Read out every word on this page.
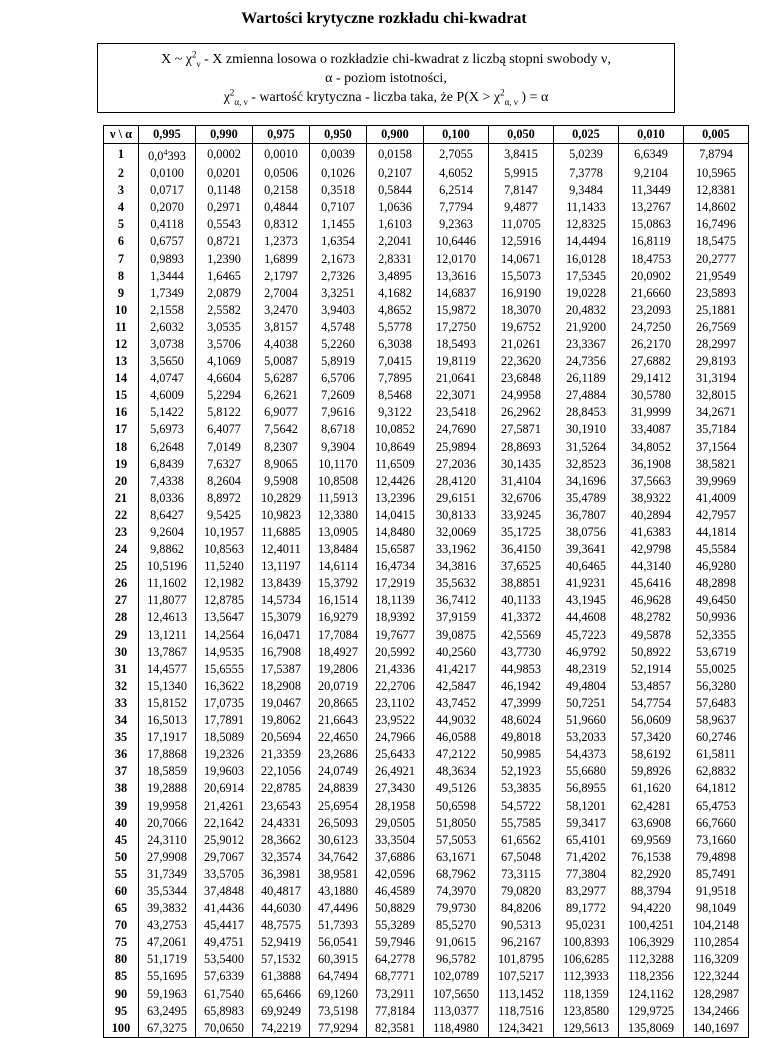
Wartości krytyczne rozkładu chi-kwadrat
X ~ $\chi^2_\nu$ - X zmienna losowa o rozkładzie chi-kwadrat z liczbą stopni swobody ν,
α - poziom istotności,
$\chi^2_{\alpha, \nu}$ - wartość krytyczna - liczba taka, że $P(X > \chi^2_{\alpha, \nu}$ ) = α
ν \ α	0,995	0,990	0,975	0,950	0,900	0,100	0,050	0,025	0,010	0,005
1	$0,0^4393$	0,0002	0,0010	0,0039	0,0158	2,7055	3,8415	5,0239	6,6349	7,8794
2	0,0100	0,0201	0,0506	0,1026	0,2107	4,6052	5,9915	7,3778	9,2104	10,5965
3	0,0717	0,1148	0,2158	0,3518	0,5844	6,2514	7,8147	9,3484	11,3449	12,8381
4	0,2070	0,2971	0,4844	0,7107	1,0636	7,7794	9,4877	11,1433	13,2767	14,8602
5	0,4118	0,5543	0,8312	1,1455	1,6103	9,2363	11,0705	12,8325	15,0863	16,7496
6	0,6757	0,8721	1,2373	1,6354	2,2041	10,6446	12,5916	14,4494	16,8119	18,5475
7	0,9893	1,2390	1,6899	2,1673	2,8331	12,0170	14,0671	16,0128	18,4753	20,2777
8	1,3444	1,6465	2,1797	2,7326	3,4895	13,3616	15,5073	17,5345	20,0902	21,9549
9	1,7349	2,0879	2,7004	3,3251	4,1682	14,6837	16,9190	19,0228	21,6660	23,5893
10	2,1558	2,5582	3,2470	3,9403	4,8652	15,9872	18,3070	20,4832	23,2093	25,1881
11	2,6032	3,0535	3,8157	4,5748	5,5778	17,2750	19,6752	21,9200	24,7250	26,7569
12	3,0738	3,5706	4,4038	5,2260	6,3038	18,5493	21,0261	23,3367	26,2170	28,2997
13	3,5650	4,1069	5,0087	5,8919	7,0415	19,8119	22,3620	24,7356	27,6882	29,8193
14	4,0747	4,6604	5,6287	6,5706	7,7895	21,0641	23,6848	26,1189	29,1412	31,3194
15	4,6009	5,2294	6,2621	7,2609	8,5468	22,3071	24,9958	27,4884	30,5780	32,8015
16	5,1422	5,8122	6,9077	7,9616	9,3122	23,5418	26,2962	28,8453	31,9999	34,2671
17	5,6973	6,4077	7,5642	8,6718	10,0852	24,7690	27,5871	30,1910	33,4087	35,7184
18	6,2648	7,0149	8,2307	9,3904	10,8649	25,9894	28,8693	31,5264	34,8052	37,1564
19	6,8439	7,6327	8,9065	10,1170	11,6509	27,2036	30,1435	32,8523	36,1908	38,5821
20	7,4338	8,2604	9,5908	10,8508	12,4426	28,4120	31,4104	34,1696	37,5663	39,9969
21	8,0336	8,8972	10,2829	11,5913	13,2396	29,6151	32,6706	35,4789	38,9322	41,4009
22	8,6427	9,5425	10,9823	12,3380	14,0415	30,8133	33,9245	36,7807	40,2894	42,7957
23	9,2604	10,1957	11,6885	13,0905	14,8480	32,0069	35,1725	38,0756	41,6383	44,1814
24	9,8862	10,8563	12,4011	13,8484	15,6587	33,1962	36,4150	39,3641	42,9798	45,5584
25	10,5196	11,5240	13,1197	14,6114	16,4734	34,3816	37,6525	40,6465	44,3140	46,9280
26	11,1602	12,1982	13,8439	15,3792	17,2919	35,5632	38,8851	41,9231	45,6416	48,2898
27	11,8077	12,8785	14,5734	16,1514	18,1139	36,7412	40,1133	43,1945	46,9628	49,6450
28	12,4613	13,5647	15,3079	16,9279	18,9392	37,9159	41,3372	44,4608	48,2782	50,9936
29	13,1211	14,2564	16,0471	17,7084	19,7677	39,0875	42,5569	45,7223	49,5878	52,3355
30	13,7867	14,9535	16,7908	18,4927	20,5992	40,2560	43,7730	46,9792	50,8922	53,6719
31	14,4577	15,6555	17,5387	19,2806	21,4336	41,4217	44,9853	48,2319	52,1914	55,0025
32	15,1340	16,3622	18,2908	20,0719	22,2706	42,5847	46,1942	49,4804	53,4857	56,3280
33	15,8152	17,0735	19,0467	20,8665	23,1102	43,7452	47,3999	50,7251	54,7754	57,6483
34	16,5013	17,7891	19,8062	21,6643	23,9522	44,9032	48,6024	51,9660	56,0609	58,9637
35	17,1917	18,5089	20,5694	22,4650	24,7966	46,0588	49,8018	53,2033	57,3420	60,2746
36	17,8868	19,2326	21,3359	23,2686	25,6433	47,2122	50,9985	54,4373	58,6192	61,5811
37	18,5859	19,9603	22,1056	24,0749	26,4921	48,3634	52,1923	55,6680	59,8926	62,8832
38	19,2888	20,6914	22,8785	24,8839	27,3430	49,5126	53,3835	56,8955	61,1620	64,1812
39	19,9958	21,4261	23,6543	25,6954	28,1958	50,6598	54,5722	58,1201	62,4281	65,4753
40	20,7066	22,1642	24,4331	26,5093	29,0505	51,8050	55,7585	59,3417	63,6908	66,7660
45	24,3110	25,9012	28,3662	30,6123	33,3504	57,5053	61,6562	65,4101	69,9569	73,1660
50	27,9908	29,7067	32,3574	34,7642	37,6886	63,1671	67,5048	71,4202	76,1538	79,4898
55	31,7349	33,5705	36,3981	38,9581	42,0596	68,7962	73,3115	77,3804	82,2920	85,7491
60	35,5344	37,4848	40,4817	43,1880	46,4589	74,3970	79,0820	83,2977	88,3794	91,9518
65	39,3832	41,4436	44,6030	47,4496	50,8829	79,9730	84,8206	89,1772	94,4220	98,1049
70	43,2753	45,4417	48,7575	51,7393	55,3289	85,5270	90,5313	95,0231	100,4251	104,2148
75	47,2061	49,4751	52,9419	56,0541	59,7946	91,0615	96,2167	100,8393	106,3929	110,2854
80	51,1719	53,5400	57,1532	60,3915	64,2778	96,5782	101,8795	106,6285	112,3288	116,3209
85	55,1695	57,6339	61,3888	64,7494	68,7771	102,0789	107,5217	112,3933	118,2356	122,3244
90	59,1963	61,7540	65,6466	69,1260	73,2911	107,5650	113,1452	118,1359	124,1162	128,2987
95	63,2495	65,8983	69,9249	73,5198	77,8184	113,0377	118,7516	123,8580	129,9725	134,2466
100	67,3275	70,0650	74,2219	77,9294	82,3581	118,4980	124,3421	129,5613	135,8069	140,1697
